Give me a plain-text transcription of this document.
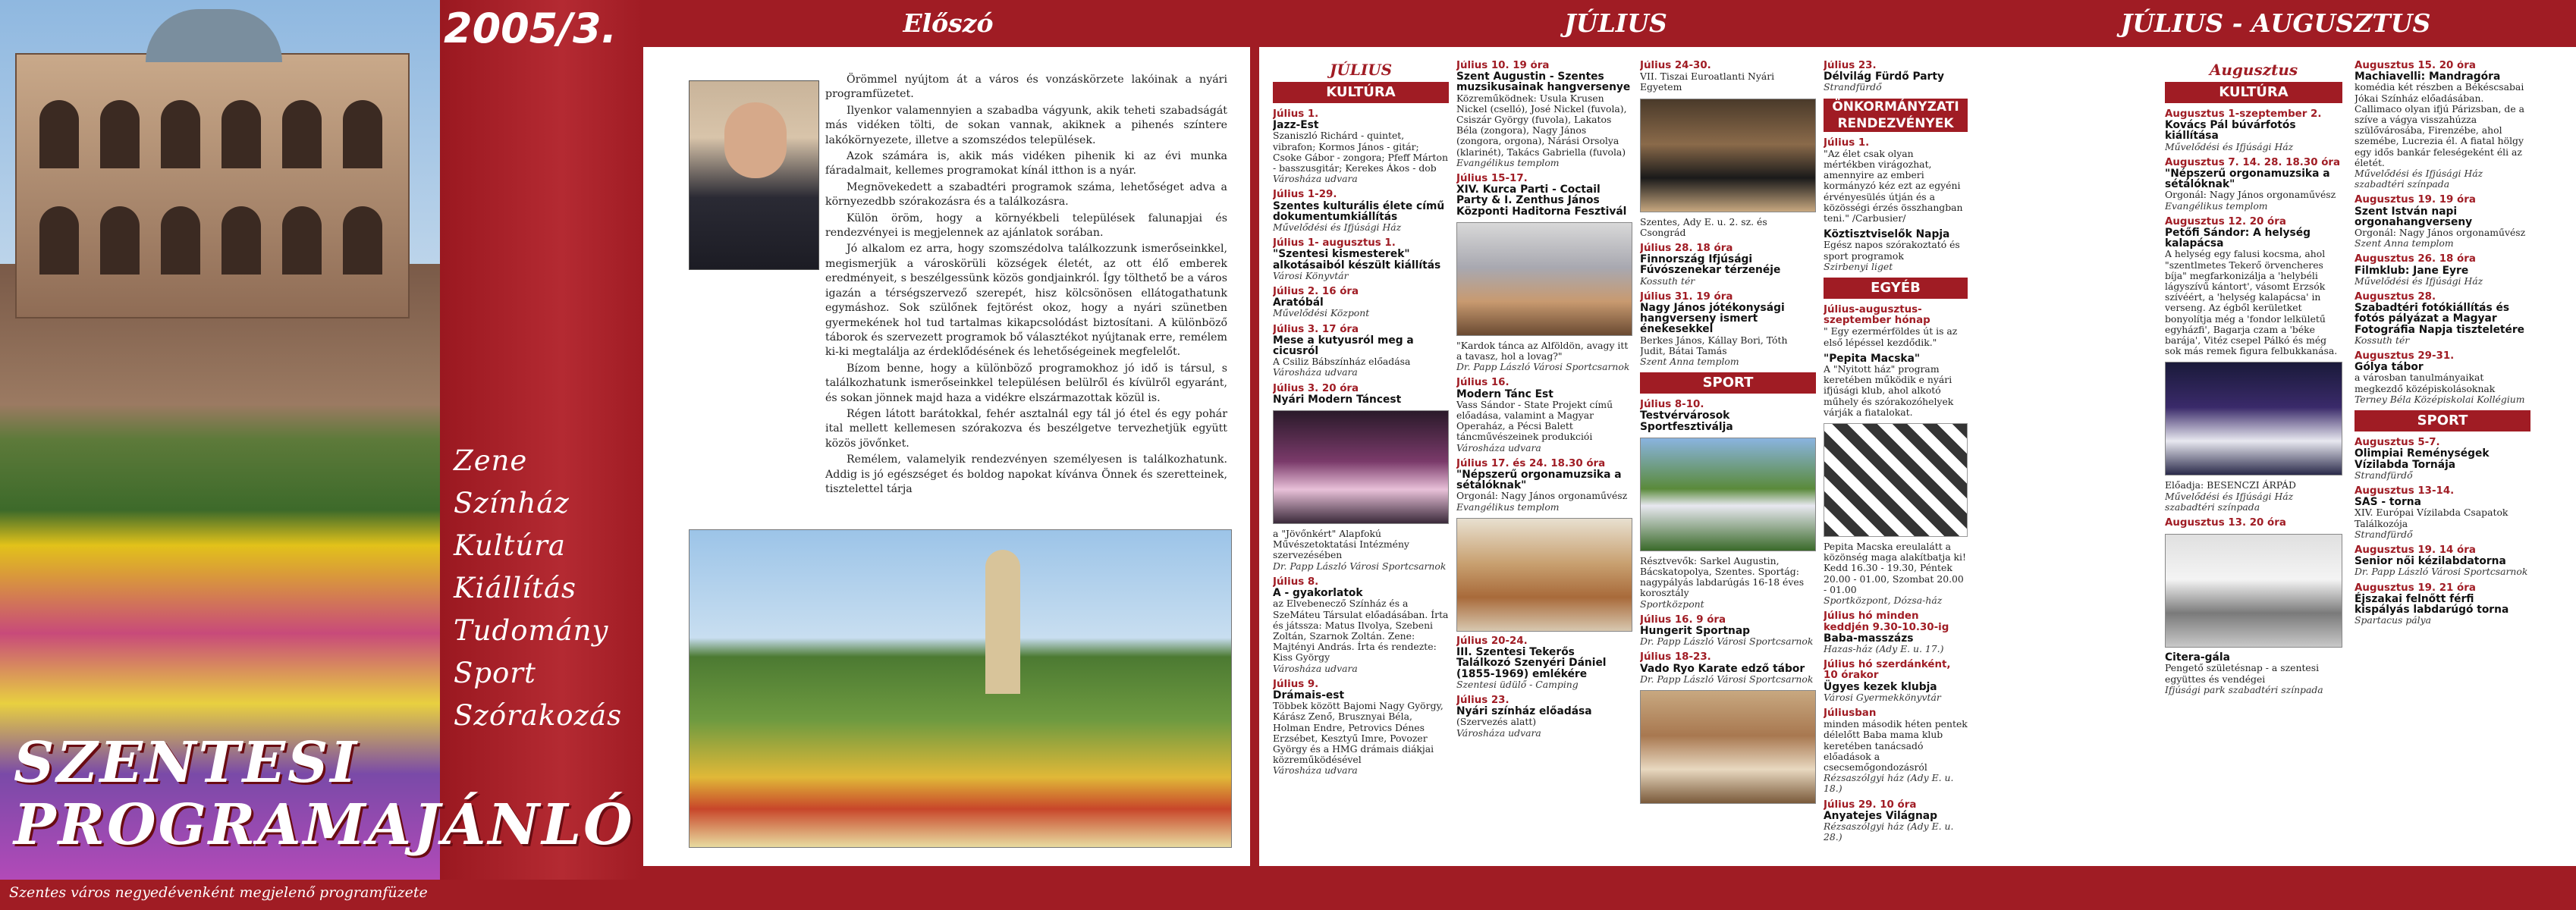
2005/3.
Zene
Színház
Kultúra
Kiállítás
Tudomány
Sport
Szórakozás
SZENTESI
PROGRAMAJÁNLÓ
Szentes város negyedévenként megjelenő programfüzete
Előszó	JÚLIUS	JÚLIUS - AUGUSZTUS

Örömmel nyújtom át a város és vonzáskörzete lakóinak a nyári programfüzetet.

Ilyenkor valamennyien a szabadba vágyunk, akik teheti szabadságát más vidéken tölti, de sokan vannak, akiknek a pihenés színtere lakókörnyezete, illetve a szomszédos települések.

Azok számára is, akik más vidéken pihenik ki az évi munka fáradalmait, kellemes programokat kínál itthon is a nyár.

Megnövekedett a szabadtéri programok száma, lehetőséget adva a környezedbb szórakozásra és a találkozásra.

Külön öröm, hogy a környékbeli települések falunapjai és rendezvényei is megjelennek az ajánlatok sorában.

Jó alkalom ez arra, hogy szomszédolva találkozzunk ismerőseinkkel, megismerjük a városkörüli községek életét, az ott élő emberek eredményeit, s beszélgessünk közös gondjainkról. Így tölthető be a város igazán a térségszervező szerepét, hisz kölcsönösen ellátogathatunk egymáshoz. Sok szülőnek fejtörést okoz, hogy a nyári szünetben gyermekének hol tud tartalmas kikapcsolódást biztosítani. A különböző táborok és szervezett programok bő választékot nyújtanak erre, remélem ki-ki megtalálja az érdeklődésének és lehetőségeinek megfelelőt.

Bízom benne, hogy a különböző programokhoz jó idő is társul, s találkozhatunk ismerőseinkkel településen belülről és kívülről egyaránt, és sokan jönnek majd haza a vidékre elszármazottak közül is.

Régen látott barátokkal, fehér asztalnál egy tál jó étel és egy pohár ital mellett kellemesen szórakozva és beszélgetve tervezhetjük együtt közös jövőnket.

Remélem, valamelyik rendezvényen személyesen is találkozhatunk. Addig is jó egészséget és boldog napokat kívánva Önnek és szeretteinek, tisztelettel tárja

JÚLIUS
KULTÚRA
Július 1.
Jazz-Est
Szaniszló Richárd - quintet, vibrafon; Kormos János - gitár; Csoke Gábor - zongora; Pfeff Márton - basszusgitár; Kerekes Ákos - dob
Városháza udvara
Július 1-29.
Szentes kulturális élete című dokumentumkiállítás
Művelődési és Ifjúsági Ház
Július 1- augusztus 1.
"Szentesi kismesterek" alkotásaiból készült kiállítás
Városi Könyvtár
Július 2. 16 óra
Aratóbál
Művelődési Központ
Július 3. 17 óra
Mese a kutyusról meg a cicusról
A Csiliz Bábszínház előadása
Városháza udvara
Július 3. 20 óra
Nyári Modern Táncest
a "Jövőnkért" Alapfokú Művészetoktatási Intézmény szervezésében
Dr. Papp László Városi Sportcsarnok
Július 8.
A - gyakorlatok
az Elvebenecző Színház és a SzeMáteu Társulat előadásában. Írta és játssza: Matus Ilvolya, Szebeni Zoltán, Szarnok Zoltán. Zene: Majtényi András. Írta és rendezte: Kiss György
Városháza udvara
Július 9.
Drámais-est
Többek között Bajomi Nagy György, Kárász Zenő, Brusznyai Béla, Holman Endre, Petrovics Dénes Erzsébet, Kesztyű Imre, Povozer György és a HMG drámais diákjai közreműködésével
Városháza udvara
Július 10. 19 óra
Szent Augustin - Szentes muzsikusainak hangversenye
Közreműködnek: Usula Krusen Nickel (cselló), José Nickel (fuvola), Csiszár György (fuvola), Lakatos Béla (zongora), Nagy János (zongora, orgona), Nárási Orsolya (klarinét), Takács Gabriella (fuvola)
Evangélikus templom
Július 15-17.
XIV. Kurca Parti - Coctail Party & I. Zenthus János Központi Haditorna Fesztivál
"Kardok tánca az Alföldön, avagy itt a tavasz, hol a lovag?"
Dr. Papp László Városi Sportcsarnok
Július 16.
Modern Tánc Est
Vass Sándor - State Projekt című előadása, valamint a Magyar Operaház, a Pécsi Balett táncművészeinek produkciói
Városháza udvara
Július 17. és 24. 18.30 óra
"Népszerű orgonamuzsika a sétálóknak"
Orgonál: Nagy János orgonaművész
Evangélikus templom
Július 20-24.
III. Szentesi Tekerős Találkozó Szenyéri Dániel (1855-1969) emlékére
Szentesi üdülő - Camping
Július 23.
Nyári színház előadása
(Szervezés alatt)
Városháza udvara
Július 24-30.
VII. Tiszai Euroatlanti Nyári Egyetem
Szentes, Ady E. u. 2. sz. és Csongrád
Július 28. 18 óra
Finnország Ifjúsági Fúvószenekar térzenéje
Kossuth tér
Július 31. 19 óra
Nagy János jótékonysági hangverseny ismert énekesekkel
Berkes János, Kállay Bori, Tóth Judit, Bátai Tamás
Szent Anna templom
SPORT
Július 8-10.
Testvérvárosok Sportfesztiválja
Résztvevők: Sarkel Augustin, Bácskatopolya, Szentes. Sportág: nagypályás labdarúgás 16-18 éves korosztály
Sportközpont
Július 16. 9 óra
Hungerit Sportnap
Dr. Papp László Városi Sportcsarnok
Július 18-23.
Vado Ryo Karate edző tábor
Dr. Papp László Városi Sportcsarnok
Július 23.
Délvilág Fürdő Party
Strandfürdő
ÖNKORMÁNYZATI RENDEZVÉNYEK
Július 1.
"Az élet csak olyan mértékben virágozhat, amennyire az emberi kormányzó kéz ezt az egyéni érvényesülés útján és a közösségi érzés összhangban teni." /Carbusier/
Köztisztviselők Napja
Egész napos szórakoztató és sport programok
Szirbenyi liget
EGYÉB
Július-augusztus-szeptember hónap
" Egy ezermérföldes út is az első lépéssel kezdődik."
"Pepita Macska"
A "Nyitott ház" program keretében működik e nyári ifjúsági klub, ahol alkotó műhely és szórakozóhelyek várják a fiatalokat.
Pepita Macska ereulalátt a közönség maga alakítbatja ki! Kedd 16.30 - 19.30, Péntek 20.00 - 01.00, Szombat 20.00 - 01.00
Sportközpont, Dózsa-ház
Július hó minden keddjén 9.30-10.30-ig
Baba-masszázs
Hazas-ház (Ady E. u. 17.)
Július hó szerdánként, 10 órakor
Ügyes kezek klubja
Városi Gyermekkönyvtár
Júliusban
minden második héten pentek délelőtt Baba mama klub keretében tanácsadó előadások a csecsemőgondozásról
Rézsaszólgyi ház (Ady E. u. 18.)
Július 29. 10 óra
Anyatejes Világnap
Rézsaszólgyi ház (Ady E. u. 28.)
Augusztus
KULTÚRA
Augusztus 1-szeptember 2.
Kovács Pál búvárfotós kiállítása
Művelődési és Ifjúsági Ház
Augusztus 7. 14. 28. 18.30 óra
"Népszerű orgonamuzsika a sétálóknak"
Orgonál: Nagy János orgonaművész
Evangélikus templom
Augusztus 12. 20 óra
Petőfi Sándor: A helység kalapácsa
A helység egy falusi kocsma, ahol "szentlmetes Tekerő örvencheres bíja" megfarkonizálja a 'helybéli lágyszívű kántort', vásomt Erzsók szívéért, a 'helység kalapácsa' in verseng. Az égből kerületket bonyolítja még a 'fondor lelkületű egyházfi', Bagarja czam a 'béke barája', Vitéz csepel Pálkó és még sok más remek figura felbukkanása.
Előadja: BESENCZI ÁRPÁD
Művelődési és Ifjúsági Ház szabadtéri színpada
Augusztus 13. 20 óra
Citera-gála
Pengető születésnap - a szentesi együttes és vendégei
Ifjúsági park szabadtéri színpada
Augusztus 15. 20 óra
Machiavelli: Mandragóra
komédia két részben a Békéscsabai Jókai Színház előadásában. Callimaco olyan ifjú Párizsban, de a szíve a vágya visszahúzza szülővárosába, Firenzébe, ahol szemébe, Lucrezia él. A fiatal hölgy egy idős bankár feleségeként éli az életét.
Művelődési és Ifjúsági Ház szabadtéri színpada
Augusztus 19. 19 óra
Szent István napi orgonahangverseny
Orgonál: Nagy János orgonaművész
Szent Anna templom
Augusztus 26. 18 óra
Filmklub: Jane Eyre
Művelődési és Ifjúsági Ház
Augusztus 28.
Szabadtéri fotókiállítás és fotós pályázat a Magyar Fotográfia Napja tiszteletére
Kossuth tér
Augusztus 29-31.
Gólya tábor
a városban tanulmányaikat megkezdő középiskolásoknak
Terney Béla Középiskolai Kollégium
SPORT
Augusztus 5-7.
Olimpiai Reménységek Vízilabda Tornája
Strandfürdő
Augusztus 13-14.
SAS - torna
XIV. Európai Vízilabda Csapatok Találkozója
Strandfürdő
Augusztus 19. 14 óra
Senior női kézilabdatorna
Dr. Papp László Városi Sportcsarnok
Augusztus 19. 21 óra
Éjszakai felnőtt férfi kispályás labdarúgó torna
Spartacus pálya
